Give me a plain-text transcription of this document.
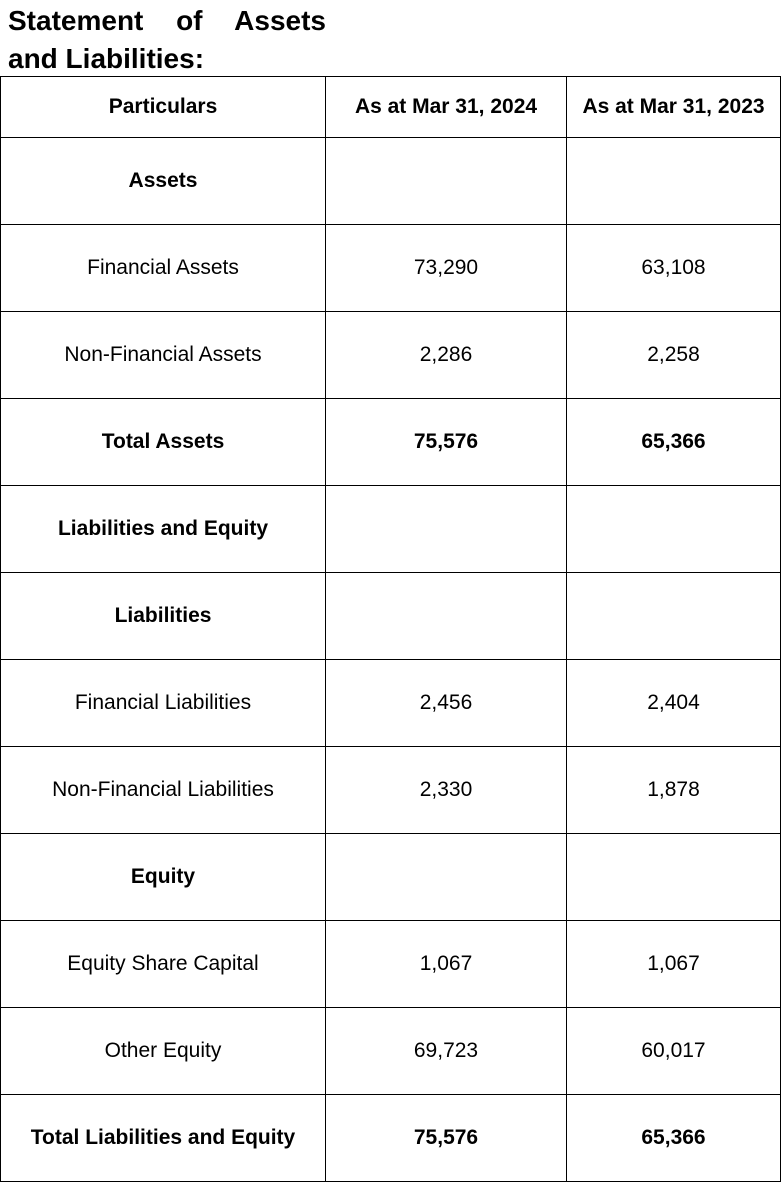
Statement of Assets
and Liabilities:
Particulars	As at Mar 31, 2024	As at Mar 31, 2023
Assets		
Financial Assets	73,290	63,108
Non-Financial Assets	2,286	2,258
Total Assets	75,576	65,366
Liabilities and Equity		
Liabilities		
Financial Liabilities	2,456	2,404
Non-Financial Liabilities	2,330	1,878
Equity		
Equity Share Capital	1,067	1,067
Other Equity	69,723	60,017
Total Liabilities and Equity	75,576	65,366
